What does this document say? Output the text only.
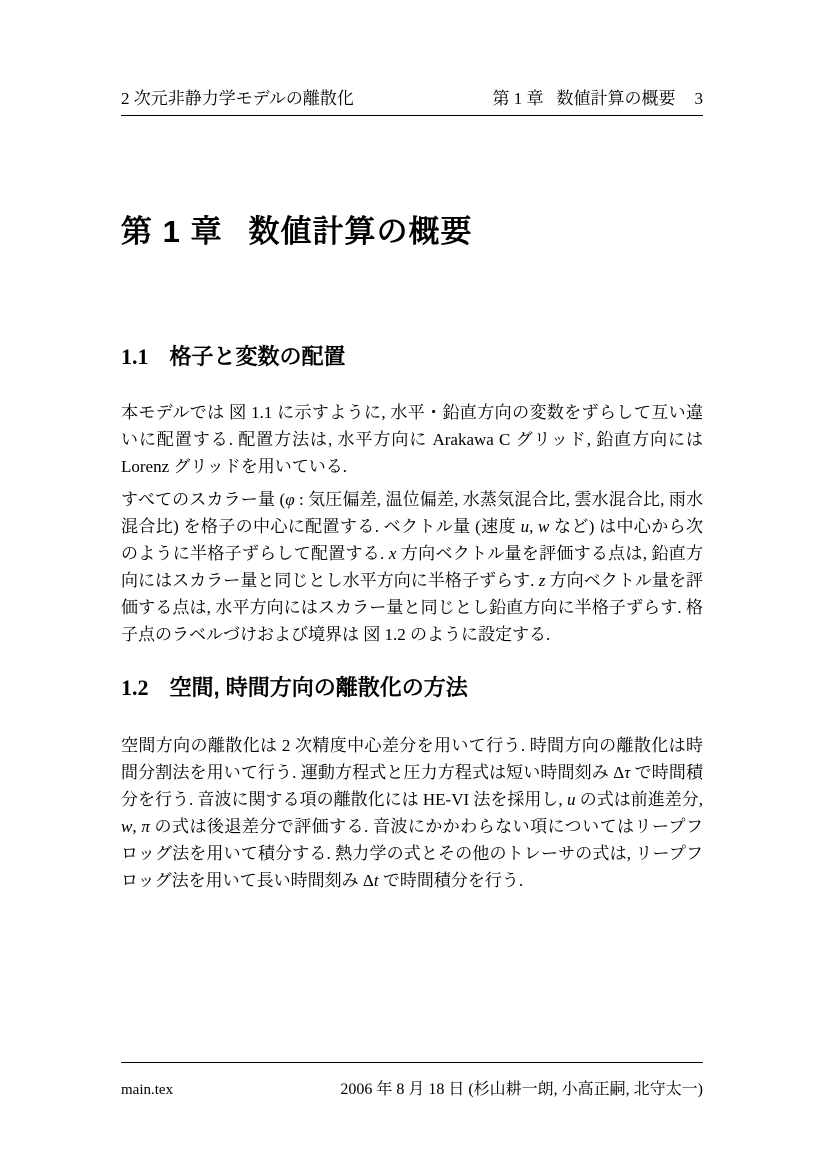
2 次元非静力学モデルの離散化	第 1 章 数値計算の概要 3
第 1 章 数値計算の概要
1.1 格子と変数の配置

本モデルでは 図 1.1 に示すように, 水平・鉛直方向の変数をずらして互い違いに配置する. 配置方法は, 水平方向に Arakawa C グリッド, 鉛直方向には Lorenz グリッドを用いている.

すべてのスカラー量 (φ : 気圧偏差, 温位偏差, 水蒸気混合比, 雲水混合比, 雨水混合比) を格子の中心に配置する. ベクトル量 (速度 u, w など) は中心から次のように半格子ずらして配置する. x 方向ベクトル量を評価する点は, 鉛直方向にはスカラー量と同じとし水平方向に半格子ずらす. z 方向ベクトル量を評価する点は, 水平方向にはスカラー量と同じとし鉛直方向に半格子ずらす. 格子点のラベルづけおよび境界は 図 1.2 のように設定する.

1.2 空間, 時間方向の離散化の方法

空間方向の離散化は 2 次精度中心差分を用いて行う. 時間方向の離散化は時間分割法を用いて行う. 運動方程式と圧力方程式は短い時間刻み Δτ で時間積分を行う. 音波に関する項の離散化には HE-VI 法を採用し, u の式は前進差分, w, π の式は後退差分で評価する. 音波にかかわらない項についてはリープフロッグ法を用いて積分する. 熱力学の式とその他のトレーサの式は, リープフロッグ法を用いて長い時間刻み Δt で時間積分を行う.

main.tex	2006 年 8 月 18 日 (杉山耕一朗, 小高正嗣, 北守太一)
